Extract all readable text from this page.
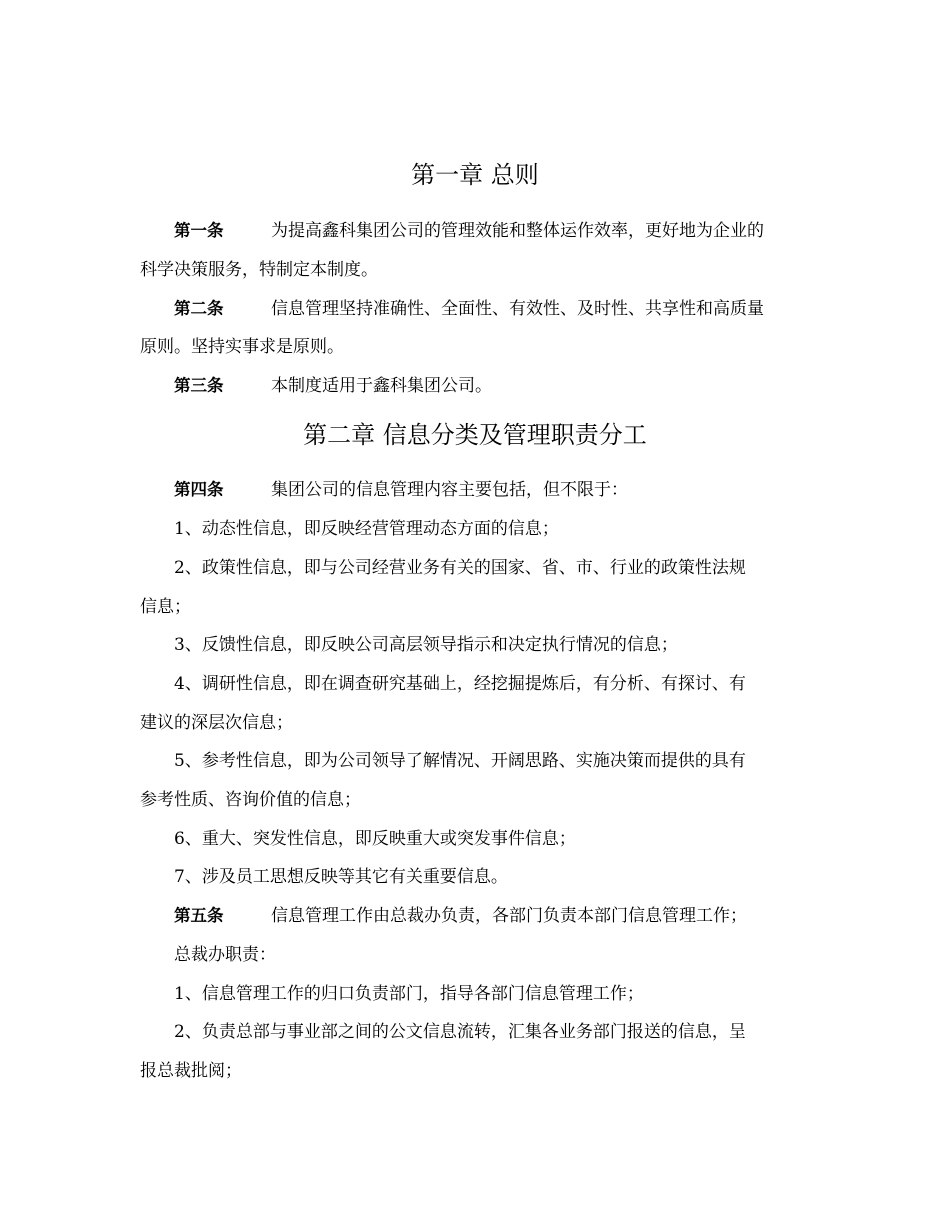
第一章 总则
第一条	为提高鑫科集团公司的管理效能和整体运作效率，更好地为企业的
科学决策服务，特制定本制度。
第二条	信息管理坚持准确性、全面性、有效性、及时性、共享性和高质量
原则。坚持实事求是原则。
第三条	本制度适用于鑫科集团公司。
第二章 信息分类及管理职责分工
第四条	集团公司的信息管理内容主要包括，但不限于：
1、动态性信息，即反映经营管理动态方面的信息；
2、政策性信息，即与公司经营业务有关的国家、省、市、行业的政策性法规
信息；
3、反馈性信息，即反映公司高层领导指示和决定执行情况的信息；
4、调研性信息，即在调查研究基础上，经挖掘提炼后，有分析、有探讨、有
建议的深层次信息；
5、参考性信息，即为公司领导了解情况、开阔思路、实施决策而提供的具有
参考性质、咨询价值的信息；
6、重大、突发性信息，即反映重大或突发事件信息；
7、涉及员工思想反映等其它有关重要信息。
第五条	信息管理工作由总裁办负责，各部门负责本部门信息管理工作；
总裁办职责：
1、信息管理工作的归口负责部门，指导各部门信息管理工作；
2、负责总部与事业部之间的公文信息流转，汇集各业务部门报送的信息，呈
报总裁批阅；
